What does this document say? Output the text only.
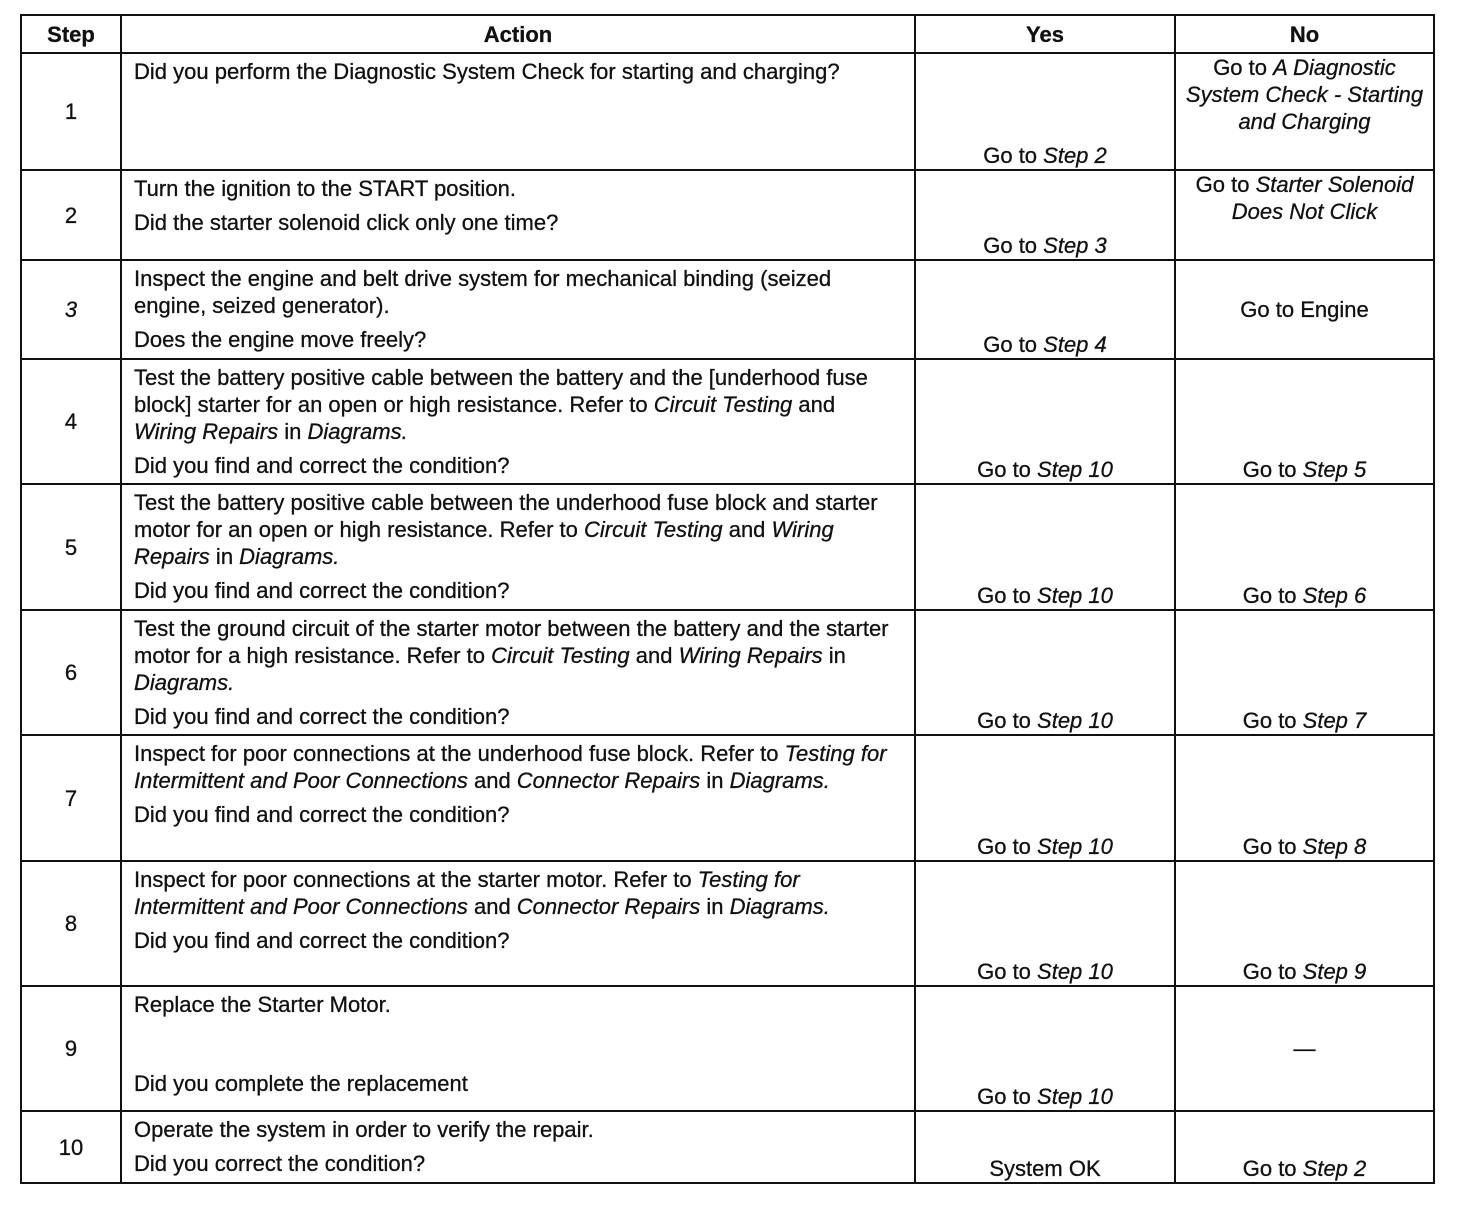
Step	Action	Yes	No
1	Did you perform the Diagnostic System Check for starting and charging?	Go to Step 2	Go to A Diagnostic System Check - Starting and Charging
2	Turn the ignition to the START position.

Did the starter solenoid click only one time?	Go to Step 3	Go to Starter Solenoid Does Not Click
3	Inspect the engine and belt drive system for mechanical binding (seized engine, seized generator).

Does the engine move freely?	Go to Step 4	Go to Engine
4	Test the battery positive cable between the battery and the [underhood fuse block] starter for an open or high resistance. Refer to Circuit Testing and Wiring Repairs in Diagrams.

Did you find and correct the condition?	Go to Step 10	Go to Step 5
5	Test the battery positive cable between the underhood fuse block and starter motor for an open or high resistance. Refer to Circuit Testing and Wiring Repairs in Diagrams.

Did you find and correct the condition?	Go to Step 10	Go to Step 6
6	Test the ground circuit of the starter motor between the battery and the starter motor for a high resistance. Refer to Circuit Testing and Wiring Repairs in Diagrams.

Did you find and correct the condition?	Go to Step 10	Go to Step 7
7	Inspect for poor connections at the underhood fuse block. Refer to Testing for Intermittent and Poor Connections and Connector Repairs in Diagrams.

Did you find and correct the condition?	Go to Step 10	Go to Step 8
8	Inspect for poor connections at the starter motor. Refer to Testing for Intermittent and Poor Connections and Connector Repairs in Diagrams.

Did you find and correct the condition?	Go to Step 10	Go to Step 9
9	Replace the Starter Motor.

Did you complete the replacement	Go to Step 10	—
10	Operate the system in order to verify the repair.

Did you correct the condition?	System OK	Go to Step 2
